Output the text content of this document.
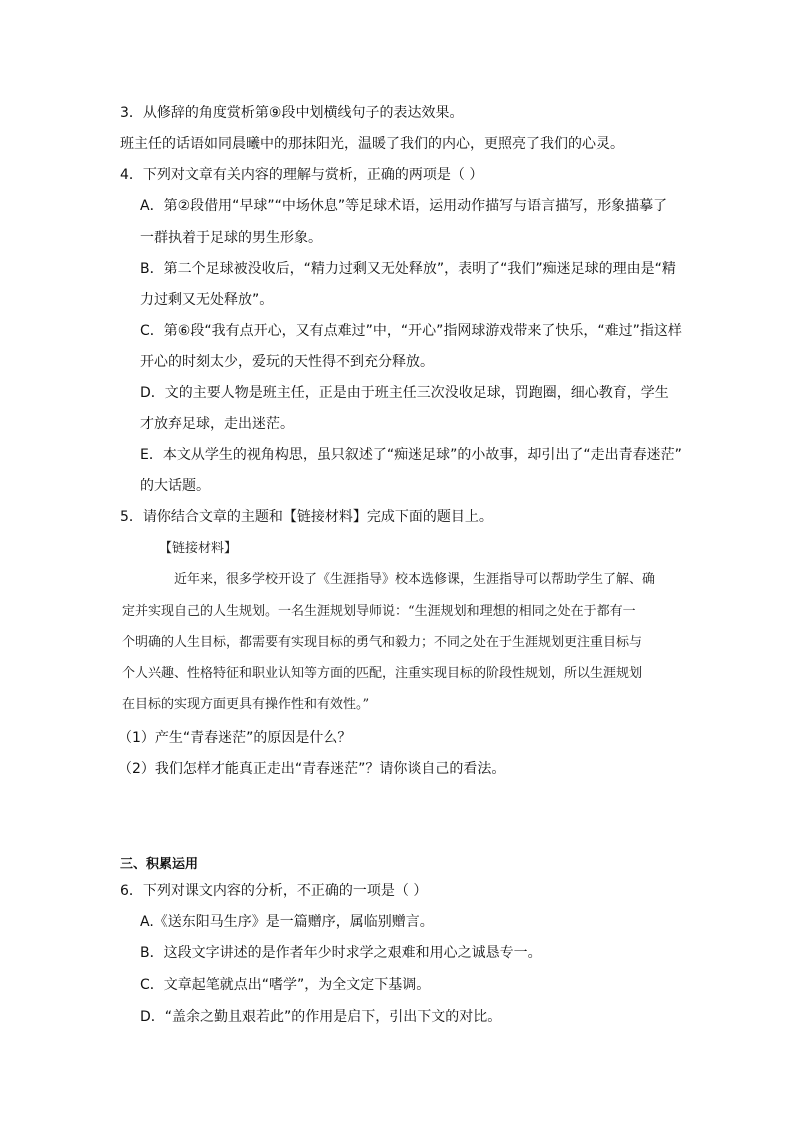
3．从修辞的角度赏析第⑨段中划横线句子的表达效果。
班主任的话语如同晨曦中的那抹阳光，温暖了我们的内心，更照亮了我们的心灵。
4．下列对文章有关内容的理解与赏析，正确的两项是（ ）
A．第②段借用“早球”“中场休息”等足球术语，运用动作描写与语言描写，形象描摹了
一群执着于足球的男生形象。
B．第二个足球被没收后，“精力过剩又无处释放”，表明了“我们”痴迷足球的理由是“精
力过剩又无处释放”。
C．第⑥段“我有点开心，又有点难过”中，“开心”指网球游戏带来了快乐，“难过”指这样
开心的时刻太少，爱玩的天性得不到充分释放。
D．文的主要人物是班主任，正是由于班主任三次没收足球，罚跑圈，细心教育，学生
才放弃足球，走出迷茫。
E．本文从学生的视角构思，虽只叙述了“痴迷足球”的小故事，却引出了“走出青春迷茫”
的大话题。
5．请你结合文章的主题和【链接材料】完成下面的题目上。
【链接材料】
近年来，很多学校开设了《生涯指导》校本选修课，生涯指导可以帮助学生了解、确
定并实现自己的人生规划。一名生涯规划导师说：“生涯规划和理想的相同之处在于都有一
个明确的人生目标，都需要有实现目标的勇气和毅力；不同之处在于生涯规划更注重目标与
个人兴趣、性格特征和职业认知等方面的匹配，注重实现目标的阶段性规划，所以生涯规划
在目标的实现方面更具有操作性和有效性。”
（1）产生“青春迷茫”的原因是什么？
（2）我们怎样才能真正走出“青春迷茫”？请你谈自己的看法。
三、积累运用
6．下列对课文内容的分析，不正确的一项是（ ）
A.《送东阳马生序》是一篇赠序，属临别赠言。
B．这段文字讲述的是作者年少时求学之艰难和用心之诚恳专一。
C．文章起笔就点出“嗜学”，为全文定下基调。
D．“盖余之勤且艰若此”的作用是启下，引出下文的对比。
